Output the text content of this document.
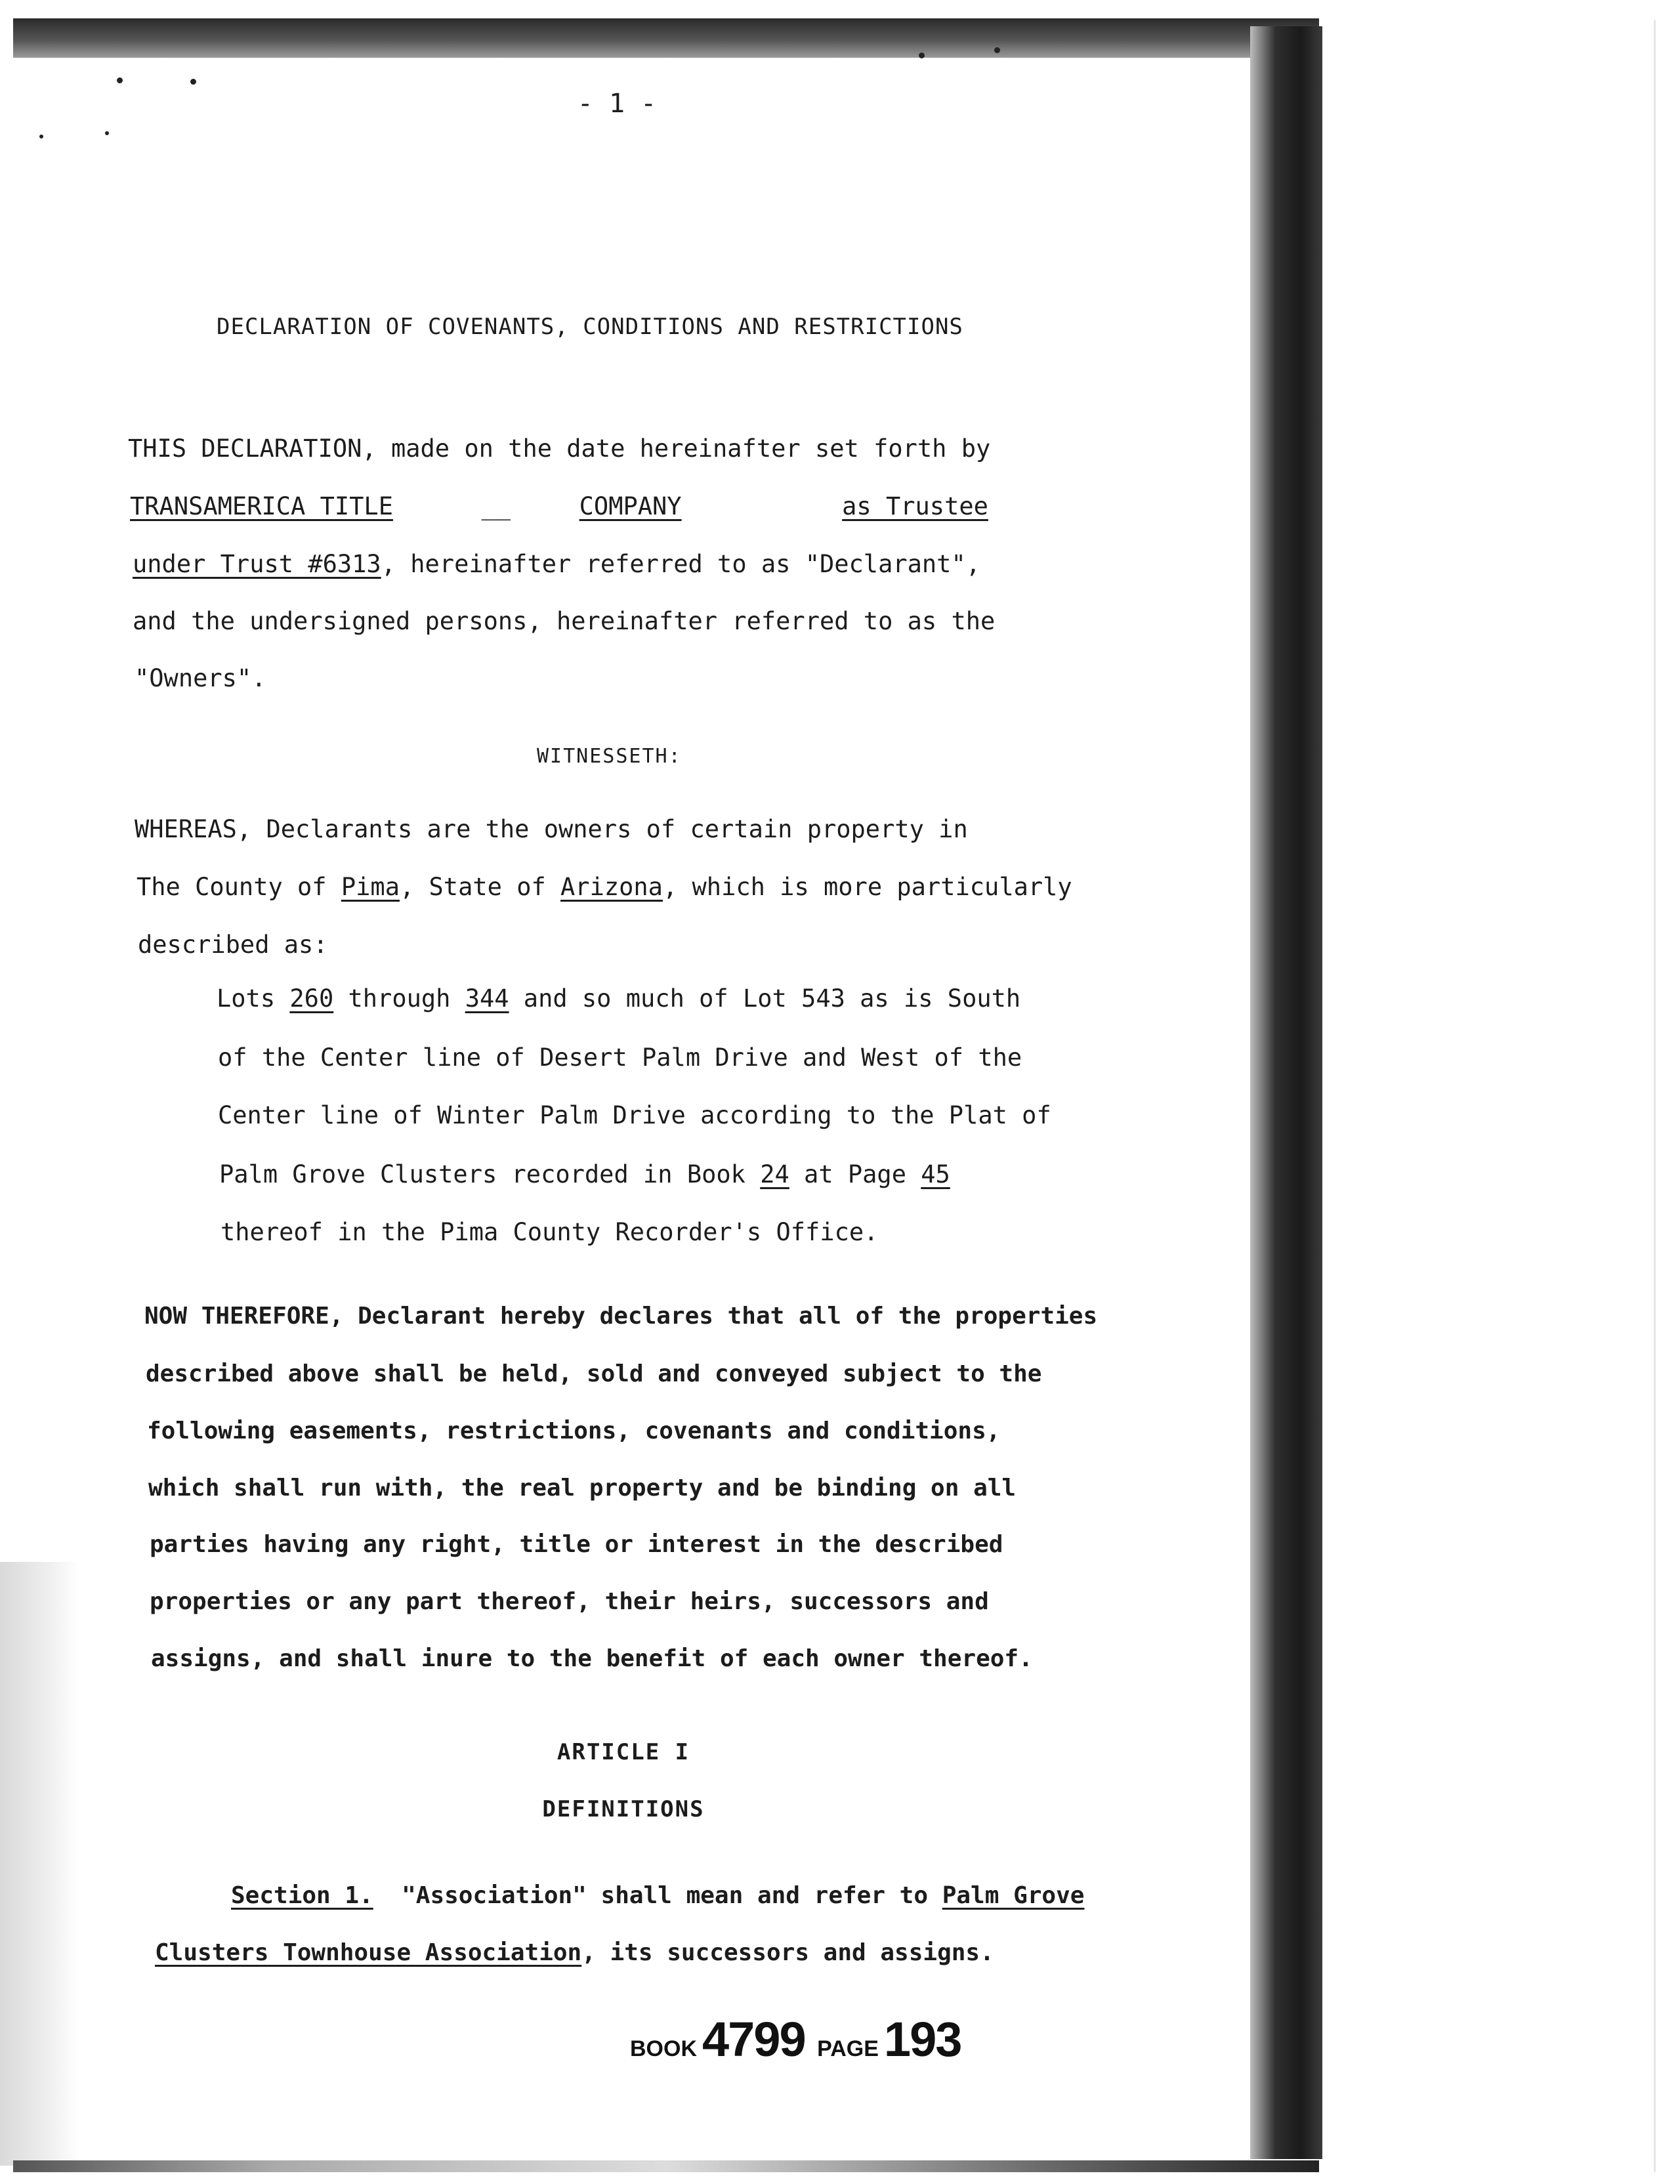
- 1 -
DECLARATION OF COVENANTS, CONDITIONS AND RESTRICTIONS
THIS DECLARATION, made on the date hereinafter set forth by
TRANSAMERICA TITLE	__	COMPANY	as Trustee
under Trust #6313, hereinafter referred to as "Declarant",
and the undersigned persons, hereinafter referred to as the
"Owners".
WITNESSETH:
WHEREAS, Declarants are the owners of certain property in
The County of Pima, State of Arizona, which is more particularly
described as:
Lots 260 through 344 and so much of Lot 543 as is South
of the Center line of Desert Palm Drive and West of the
Center line of Winter Palm Drive according to the Plat of
Palm Grove Clusters recorded in Book 24 at Page 45
thereof in the Pima County Recorder's Office.
NOW THEREFORE, Declarant hereby declares that all of the properties
described above shall be held, sold and conveyed subject to the
following easements, restrictions, covenants and conditions,
which shall run with, the real property and be binding on all
parties having any right, title or interest in the described
properties or any part thereof, their heirs, successors and
assigns, and shall inure to the benefit of each owner thereof.
ARTICLE I
DEFINITIONS
Section 1.  "Association" shall mean and refer to Palm Grove
Clusters Townhouse Association, its successors and assigns.
BOOK 4799 PAGE 193
